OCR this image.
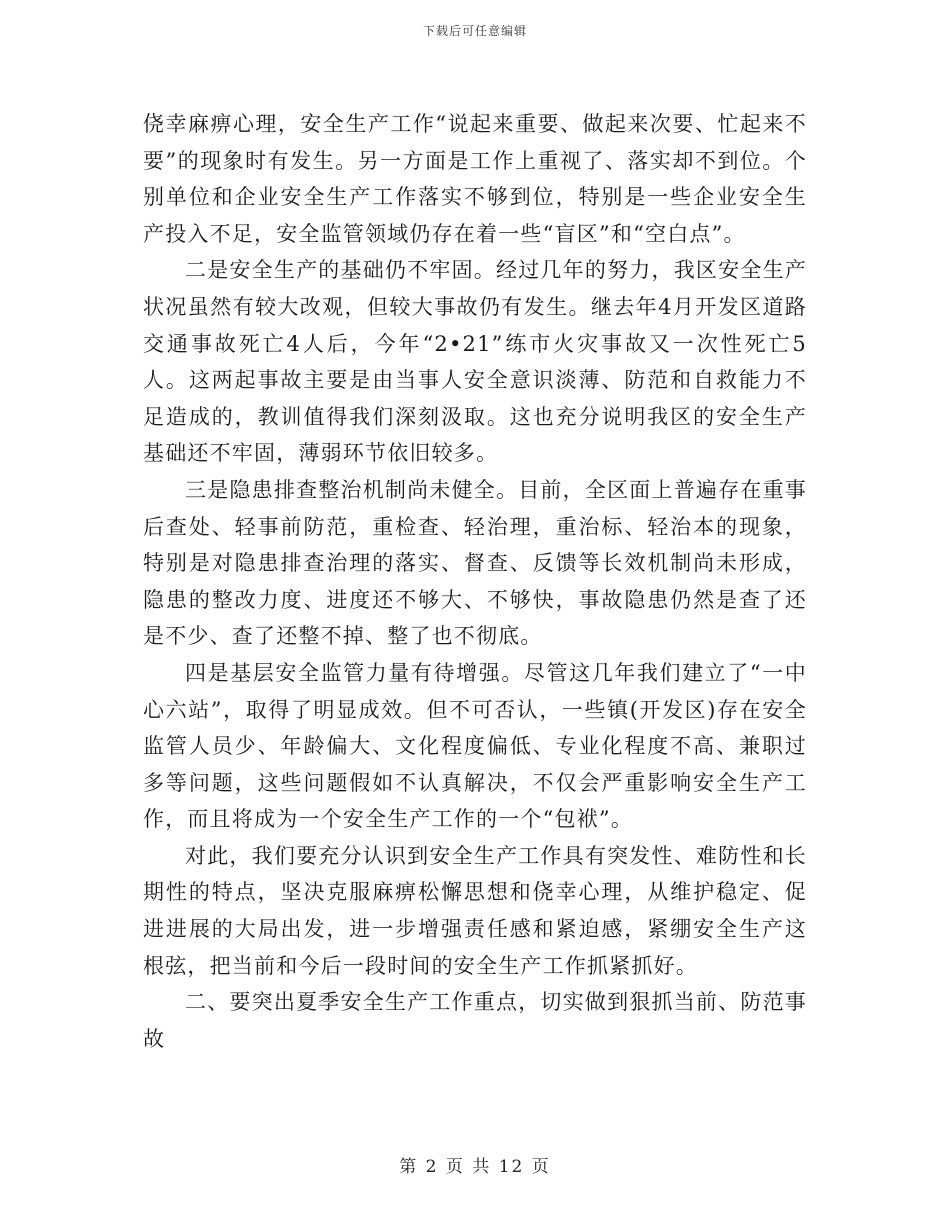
下载后可任意编辑

侥幸麻痹心理，安全生产工作“说起来重要、做起来次要、忙起来不要”的现象时有发生。另一方面是工作上重视了、落实却不到位。个别单位和企业安全生产工作落实不够到位，特别是一些企业安全生产投入不足，安全监管领域仍存在着一些“盲区”和“空白点”。

二是安全生产的基础仍不牢固。经过几年的努力，我区安全生产状况虽然有较大改观，但较大事故仍有发生。继去年4月开发区道路交通事故死亡4人后，今年“2•21”练市火灾事故又一次性死亡5人。这两起事故主要是由当事人安全意识淡薄、防范和自救能力不足造成的，教训值得我们深刻汲取。这也充分说明我区的安全生产基础还不牢固，薄弱环节依旧较多。

三是隐患排查整治机制尚未健全。目前，全区面上普遍存在重事后查处、轻事前防范，重检查、轻治理，重治标、轻治本的现象，特别是对隐患排查治理的落实、督查、反馈等长效机制尚未形成，隐患的整改力度、进度还不够大、不够快，事故隐患仍然是查了还是不少、查了还整不掉、整了也不彻底。

四是基层安全监管力量有待增强。尽管这几年我们建立了“一中心六站”，取得了明显成效。但不可否认，一些镇(开发区)存在安全监管人员少、年龄偏大、文化程度偏低、专业化程度不高、兼职过多等问题，这些问题假如不认真解决，不仅会严重影响安全生产工作，而且将成为一个安全生产工作的一个“包袱”。

对此，我们要充分认识到安全生产工作具有突发性、难防性和长期性的特点，坚决克服麻痹松懈思想和侥幸心理，从维护稳定、促进进展的大局出发，进一步增强责任感和紧迫感，紧绷安全生产这根弦，把当前和今后一段时间的安全生产工作抓紧抓好。

二、要突出夏季安全生产工作重点，切实做到狠抓当前、防范事故

第 2 页 共 12 页
